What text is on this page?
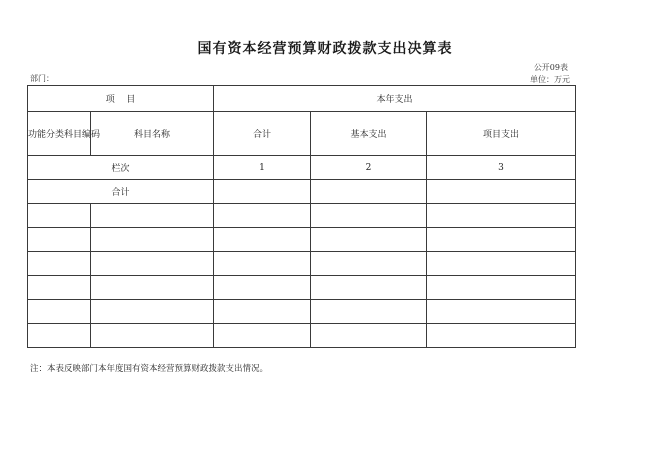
国有资本经营预算财政拨款支出决算表
公开09表
部门：	单位：万元
项    目		本年支出		
功能分类科目编码	科目名称	合计	基本支出	项目支出
栏次		1	2	3
合计				

注：本表反映部门本年度国有资本经营预算财政拨款支出情况。
